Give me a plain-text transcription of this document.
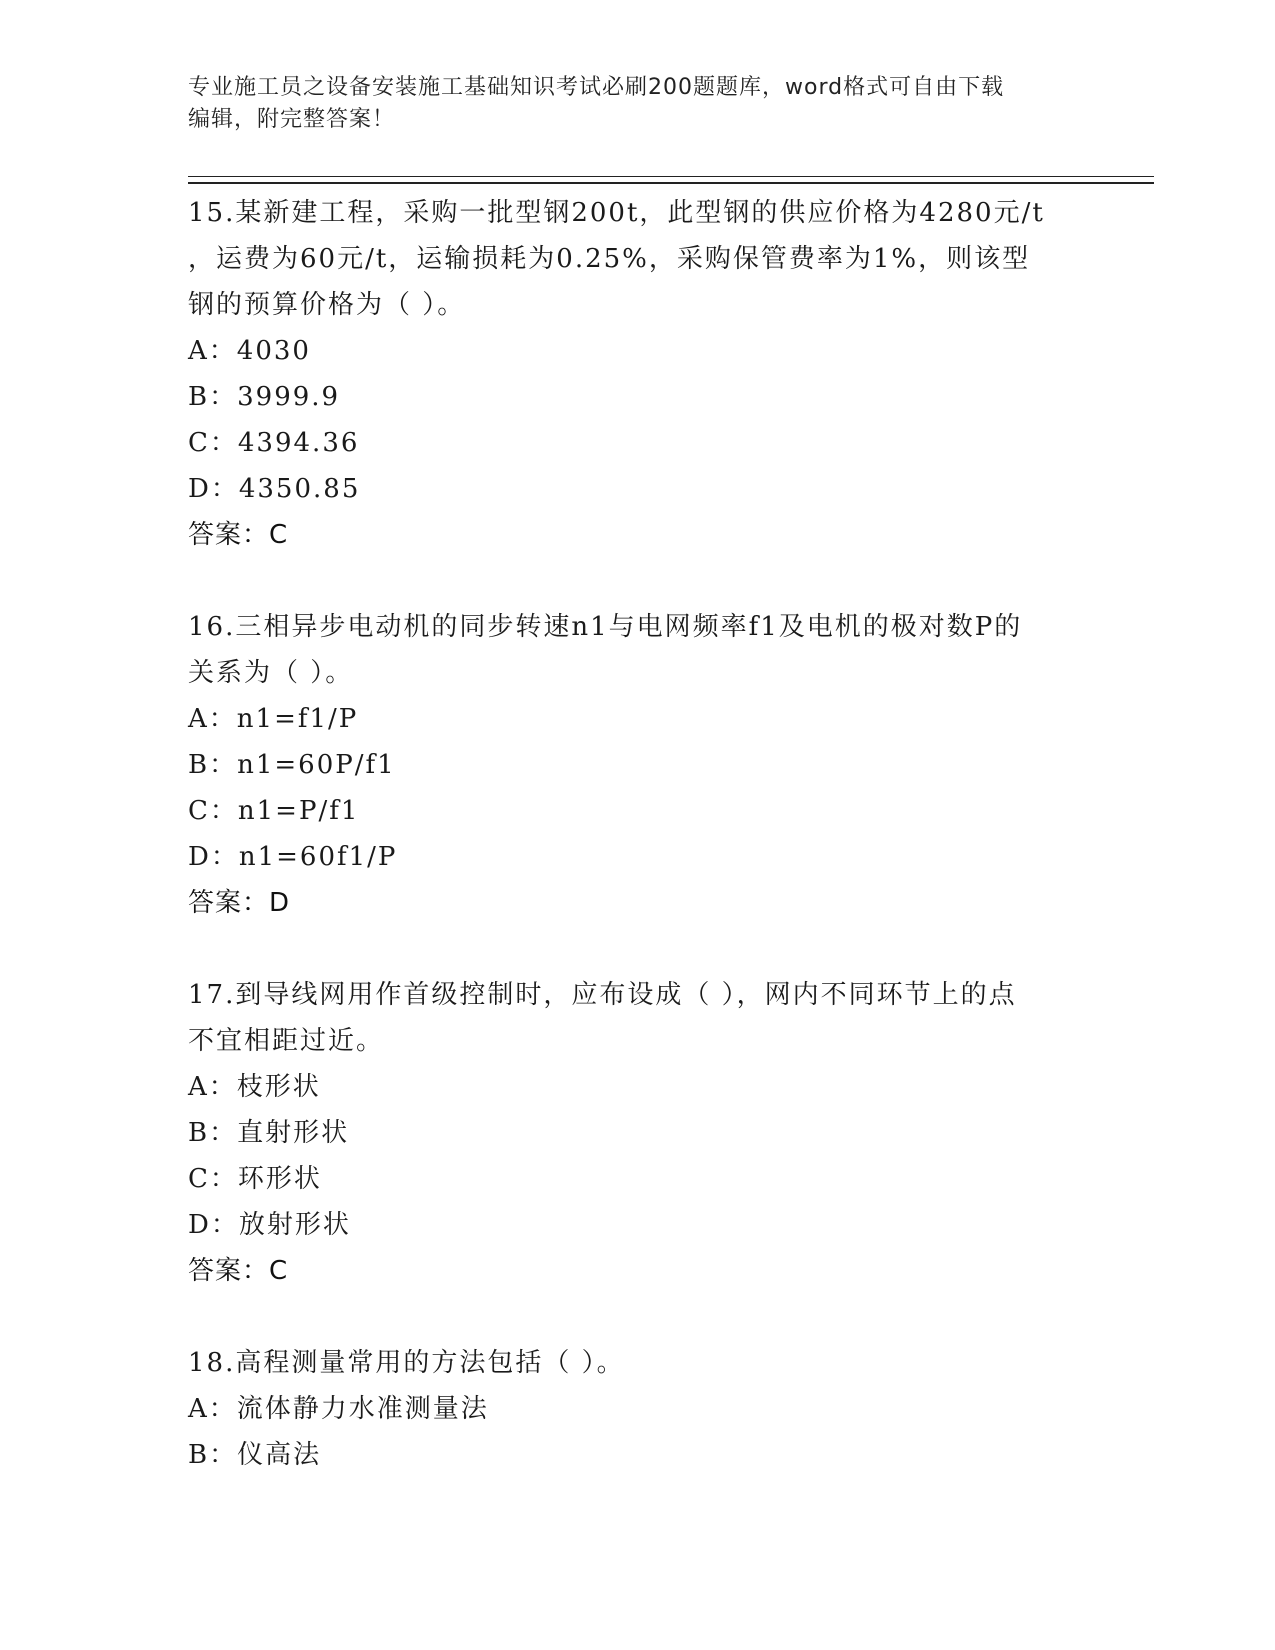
专业施工员之设备安装施工基础知识考试必刷200题题库，word格式可自由下载
编辑，附完整答案！
15.某新建工程，采购一批型钢200t，此型钢的供应价格为4280元/t
，运费为60元/t，运输损耗为0.25%，采购保管费率为1%，则该型
钢的预算价格为（ ）。
A：4030
B：3999.9
C：4394.36
D：4350.85
答案：C
16.三相异步电动机的同步转速n1与电网频率f1及电机的极对数P的
关系为（ ）。
A：n1=f1/P
B：n1=60P/f1
C：n1=P/f1
D：n1=60f1/P
答案：D
17.到导线网用作首级控制时，应布设成（ ），网内不同环节上的点
不宜相距过近。
A：枝形状
B：直射形状
C：环形状
D：放射形状
答案：C
18.高程测量常用的方法包括（ ）。
A：流体静力水准测量法
B：仪高法
